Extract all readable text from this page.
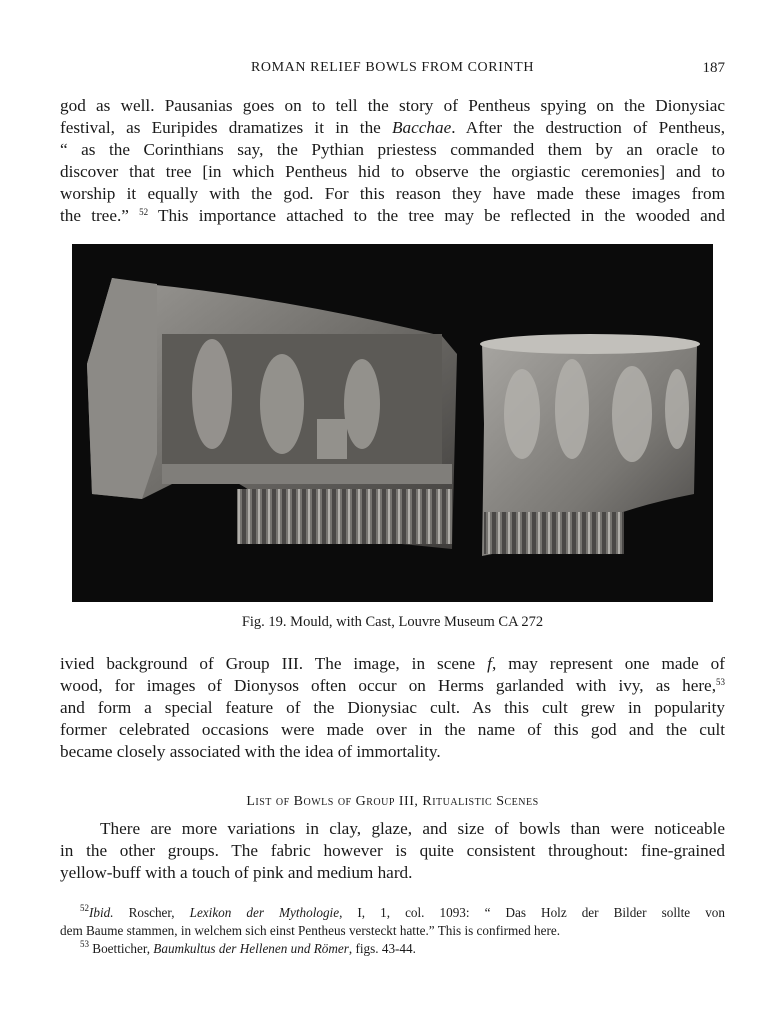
ROMAN RELIEF BOWLS FROM CORINTH	187
god as well. Pausanias goes on to tell the story of Pentheus spying on the Dionysiac
festival, as Euripides dramatizes it in the Bacchae. After the destruction of Pentheus,
“ as the Corinthians say, the Pythian priestess commanded them by an oracle to
discover that tree [in which Pentheus hid to observe the orgiastic ceremonies] and to
worship it equally with the god. For this reason they have made these images from
the tree.” $^{52}$ This importance attached to the tree may be reflected in the wooded and
Fig. 19. Mould, with Cast, Louvre Museum CA 272
ivied background of Group III. The image, in scene f, may represent one made of
wood, for images of Dionysos often occur on Herms garlanded with ivy, as here,$^{53}$
and form a special feature of the Dionysiac cult. As this cult grew in popularity
former celebrated occasions were made over in the name of this god and the cult
became closely associated with the idea of immortality.
List of Bowls of Group III, Ritualistic Scenes
There are more variations in clay, glaze, and size of bowls than were noticeable
in the other groups. The fabric however is quite consistent throughout: fine-grained
yellow-buff with a touch of pink and medium hard.
$^{52}$Ibid. Roscher, Lexikon der Mythologie, I, 1, col. 1093: “ Das Holz der Bilder sollte von
dem Baume stammen, in welchem sich einst Pentheus versteckt hatte.” This is confirmed here.
$^{53}$ Boetticher, Baumkultus der Hellenen und Römer, figs. 43-44.
